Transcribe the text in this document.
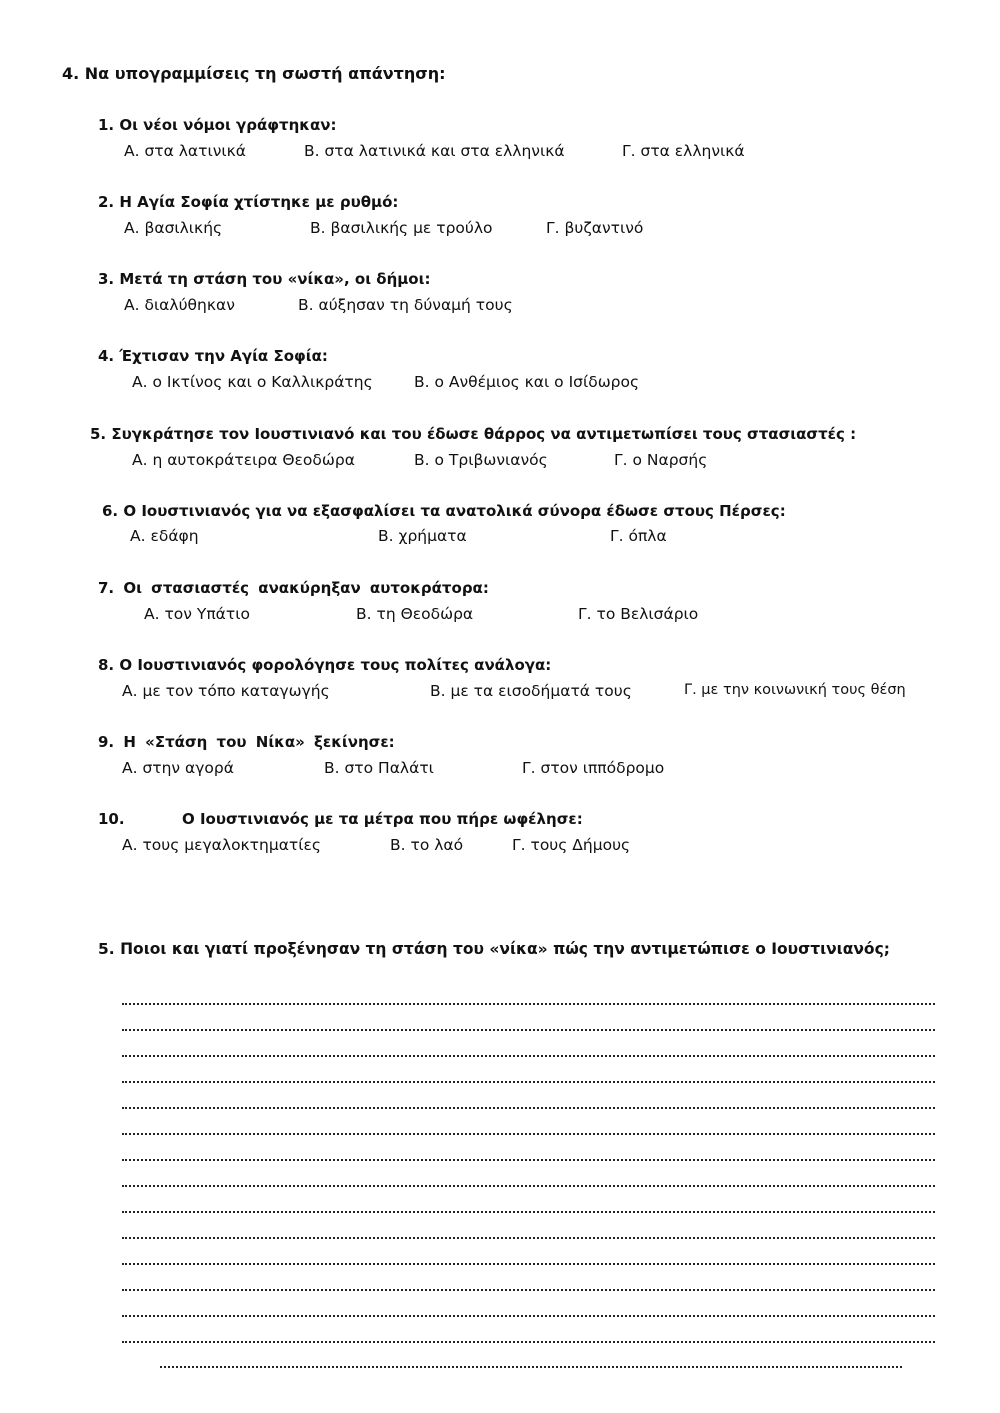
4. Να υπογραμμίσεις τη σωστή απάντηση:
1. Οι νέοι νόμοι γράφτηκαν:
Α. στα λατινικά	Β. στα λατινικά και στα ελληνικά	Γ. στα ελληνικά
2. Η Αγία Σοφία χτίστηκε με ρυθμό:
Α. βασιλικής	Β. βασιλικής με τρούλο	Γ. βυζαντινό
3. Μετά τη στάση του «νίκα», οι δήμοι:
Α. διαλύθηκαν	Β. αύξησαν τη δύναμή τους
4. Έχτισαν την Αγία Σοφία:
Α. ο Ικτίνος και ο Καλλικράτης	Β. ο Ανθέμιος και ο Ισίδωρος
5. Συγκράτησε τον Ιουστινιανό και του έδωσε θάρρος να αντιμετωπίσει τους στασιαστές :
Α. η αυτοκράτειρα Θεοδώρα	Β. ο Τριβωνιανός	Γ. ο Ναρσής
6. Ο Ιουστινιανός για να εξασφαλίσει τα ανατολικά σύνορα έδωσε στους Πέρσες:
Α. εδάφη	Β. χρήματα	Γ. όπλα
7. Οι στασιαστές ανακύρηξαν αυτοκράτορα:
Α. τον Υπάτιο	Β. τη Θεοδώρα	Γ. το Βελισάριο
8. Ο Ιουστινιανός φορολόγησε τους πολίτες ανάλογα:
Α. με τον τόπο καταγωγής	Β. με τα εισοδήματά τους	Γ. με την κοινωνική τους θέση
9. Η «Στάση του Νίκα» ξεκίνησε:
Α. στην αγορά	Β. στο Παλάτι	Γ. στον ιππόδρομο
10.	Ο Ιουστινιανός με τα μέτρα που πήρε ωφέλησε:
Α. τους μεγαλοκτηματίες	Β. το λαό	Γ. τους Δήμους
5. Ποιοι και γιατί προξένησαν τη στάση του «νίκα» πώς την αντιμετώπισε ο Ιουστινιανός;
